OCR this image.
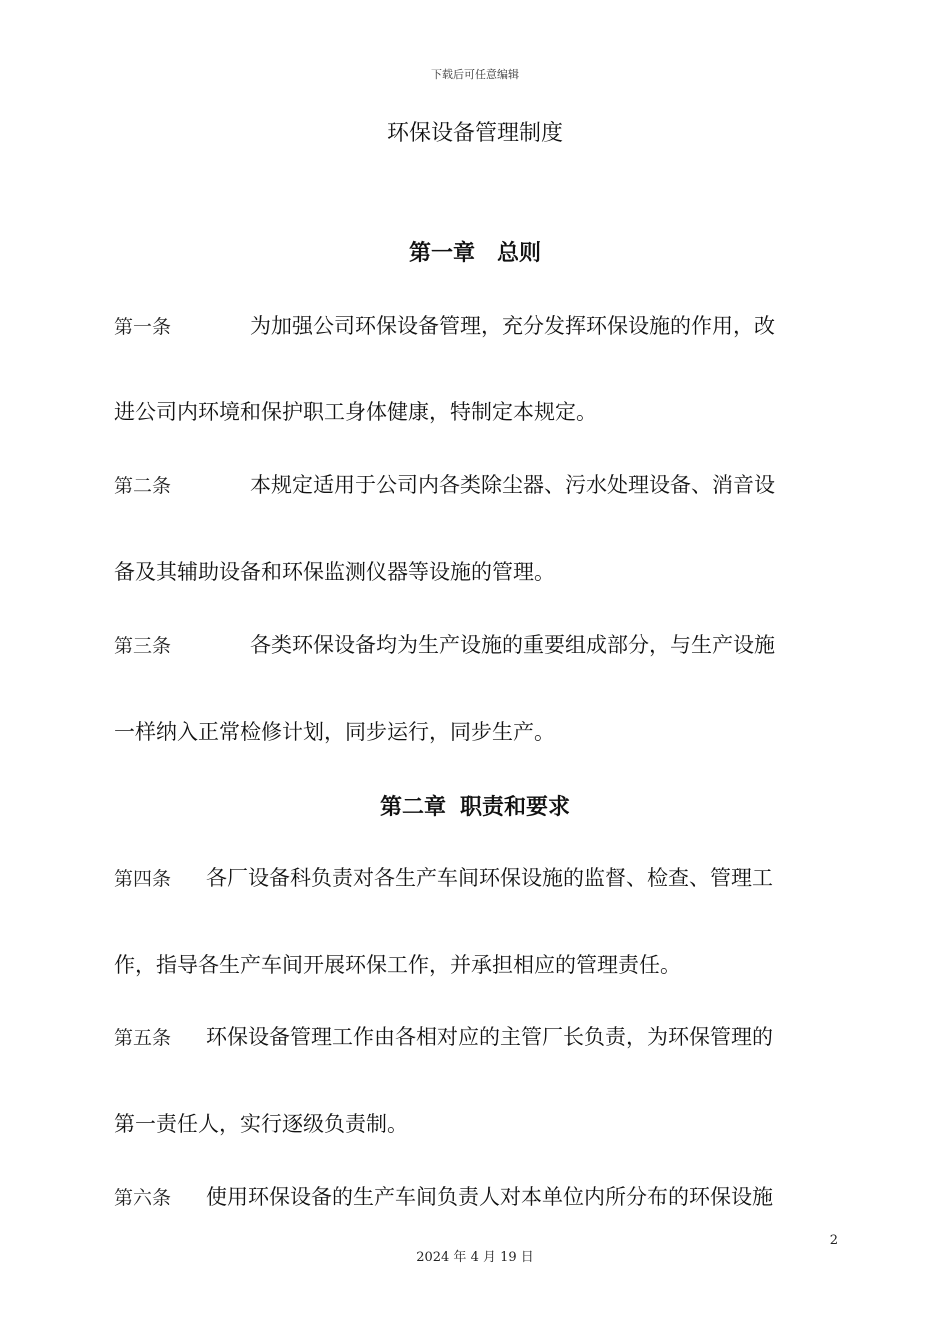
下载后可任意编辑
环保设备管理制度
第一章 总则
第一条	为加强公司环保设备管理，充分发挥环保设施的作用，改
进公司内环境和保护职工身体健康，特制定本规定。
第二条	本规定适用于公司内各类除尘器、污水处理设备、消音设
备及其辅助设备和环保监测仪器等设施的管理。
第三条	各类环保设备均为生产设施的重要组成部分，与生产设施
一样纳入正常检修计划，同步运行，同步生产。
第二章 职责和要求
第四条 各厂设备科负责对各生产车间环保设施的监督、检查、管理工
作，指导各生产车间开展环保工作，并承担相应的管理责任。
第五条 环保设备管理工作由各相对应的主管厂长负责，为环保管理的
第一责任人，实行逐级负责制。
第六条 使用环保设备的生产车间负责人对本单位内所分布的环保设施
2
2024 年 4 月 19 日
